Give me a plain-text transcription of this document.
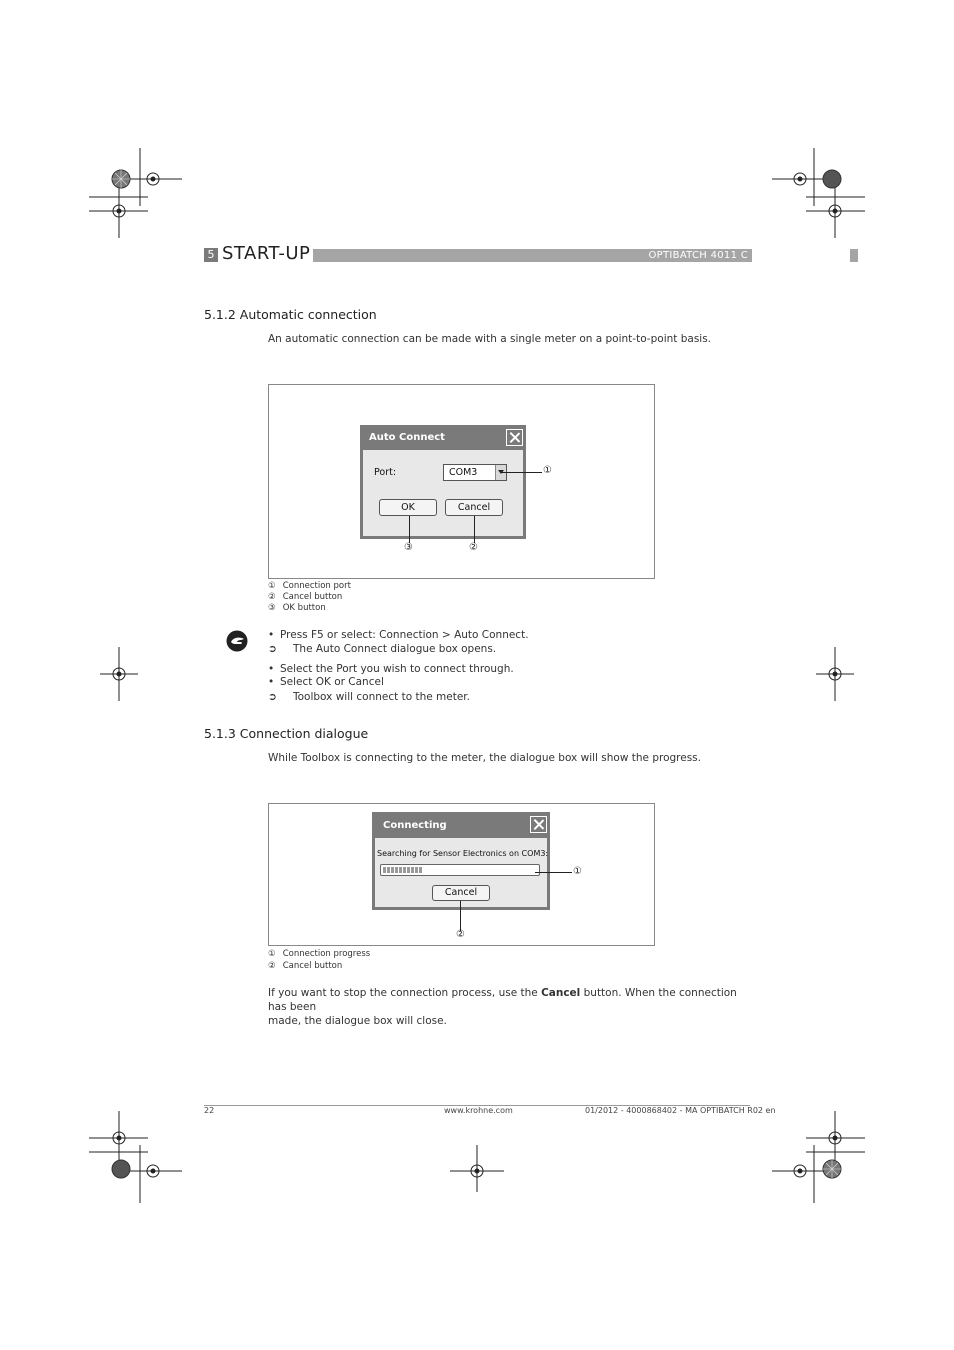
5 START-UP	OPTIBATCH 4011 C
5.1.2 Automatic connection
An automatic connection can be made with a single meter on a point-to-point basis.
Auto Connect
Port:	COM3
OK	Cancel
①
③	②
① Connection port
② Cancel button
③ OK button
• Press F5 or select: Connection > Auto Connect.
➲ The Auto Connect dialogue box opens.
• Select the Port you wish to connect through.
• Select OK or Cancel
➲ Toolbox will connect to the meter.
5.1.3 Connection dialogue
While Toolbox is connecting to the meter, the dialogue box will show the progress.
Connecting
Searching for Sensor Electronics on COM3:
Cancel
①
②
① Connection progress
② Cancel button
If you want to stop the connection process, use the Cancel button. When the connection has been
made, the dialogue box will close.
22	www.krohne.com	01/2012 - 4000868402 - MA OPTIBATCH R02 en
